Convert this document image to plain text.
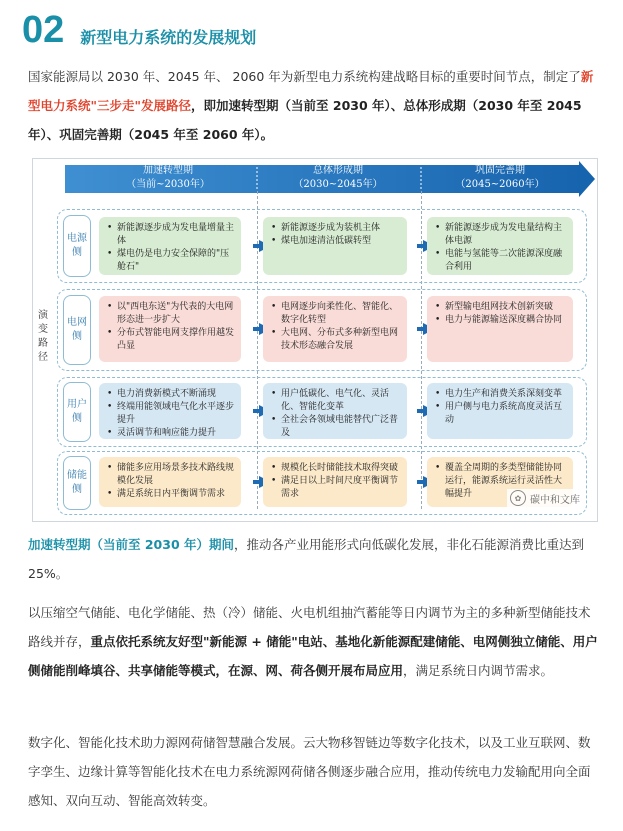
02 新型电力系统的发展规划
国家能源局以 2030 年、2045 年、 2060 年为新型电力系统构建战略目标的重要时间节点，制定了新型电力系统"三步走"发展路径，即加速转型期（当前至 2030 年）、总体形成期（2030 年至 2045 年）、巩固完善期（2045 年至 2060 年）。
加速转型期
（当前~2030年）
总体形成期
（2030~2045年）
巩固完善期
（2045~2060年）
演变路径
电源侧
• 新能源逐步成为发电量增量主体
• 煤电仍是电力安全保障的"压舱石"
• 新能源逐步成为装机主体
• 煤电加速清洁低碳转型
• 新能源逐步成为发电量结构主体电源
• 电能与氢能等二次能源深度融合利用
电网侧
• 以"西电东送"为代表的大电网形态进一步扩大
• 分布式智能电网支撑作用越发凸显
• 电网逐步向柔性化、智能化、数字化转型
• 大电网、分布式多种新型电网技术形态融合发展
• 新型输电组网技术创新突破
• 电力与能源输送深度耦合协同
用户侧
• 电力消费新模式不断涌现
• 终端用能领域电气化水平逐步提升
• 灵活调节和响应能力提升
• 用户低碳化、电气化、灵活化、智能化变革
• 全社会各领域电能替代广泛普及
• 电力生产和消费关系深刻变革
• 用户侧与电力系统高度灵活互动
储能侧
• 储能多应用场景多技术路线规模化发展
• 满足系统日内平衡调节需求
• 规模化长时储能技术取得突破
• 满足日以上时间尺度平衡调节需求
• 覆盖全周期的多类型储能协同运行，能源系统运行灵活性大幅提升	✿ 碳中和文库
加速转型期（当前至 2030 年）期间，推动各产业用能形式向低碳化发展，非化石能源消费比重达到 25%。
以压缩空气储能、电化学储能、热（冷）储能、火电机组抽汽蓄能等日内调节为主的多种新型储能技术路线并存，重点依托系统友好型"新能源 + 储能"电站、基地化新能源配建储能、电网侧独立储能、用户侧储能削峰填谷、共享储能等模式，在源、网、荷各侧开展布局应用，满足系统日内调节需求。
数字化、智能化技术助力源网荷储智慧融合发展。云大物移智链边等数字化技术，以及工业互联网、数字孪生、边缘计算等智能化技术在电力系统源网荷储各侧逐步融合应用，推动传统电力发输配用向全面感知、双向互动、智能高效转变。
